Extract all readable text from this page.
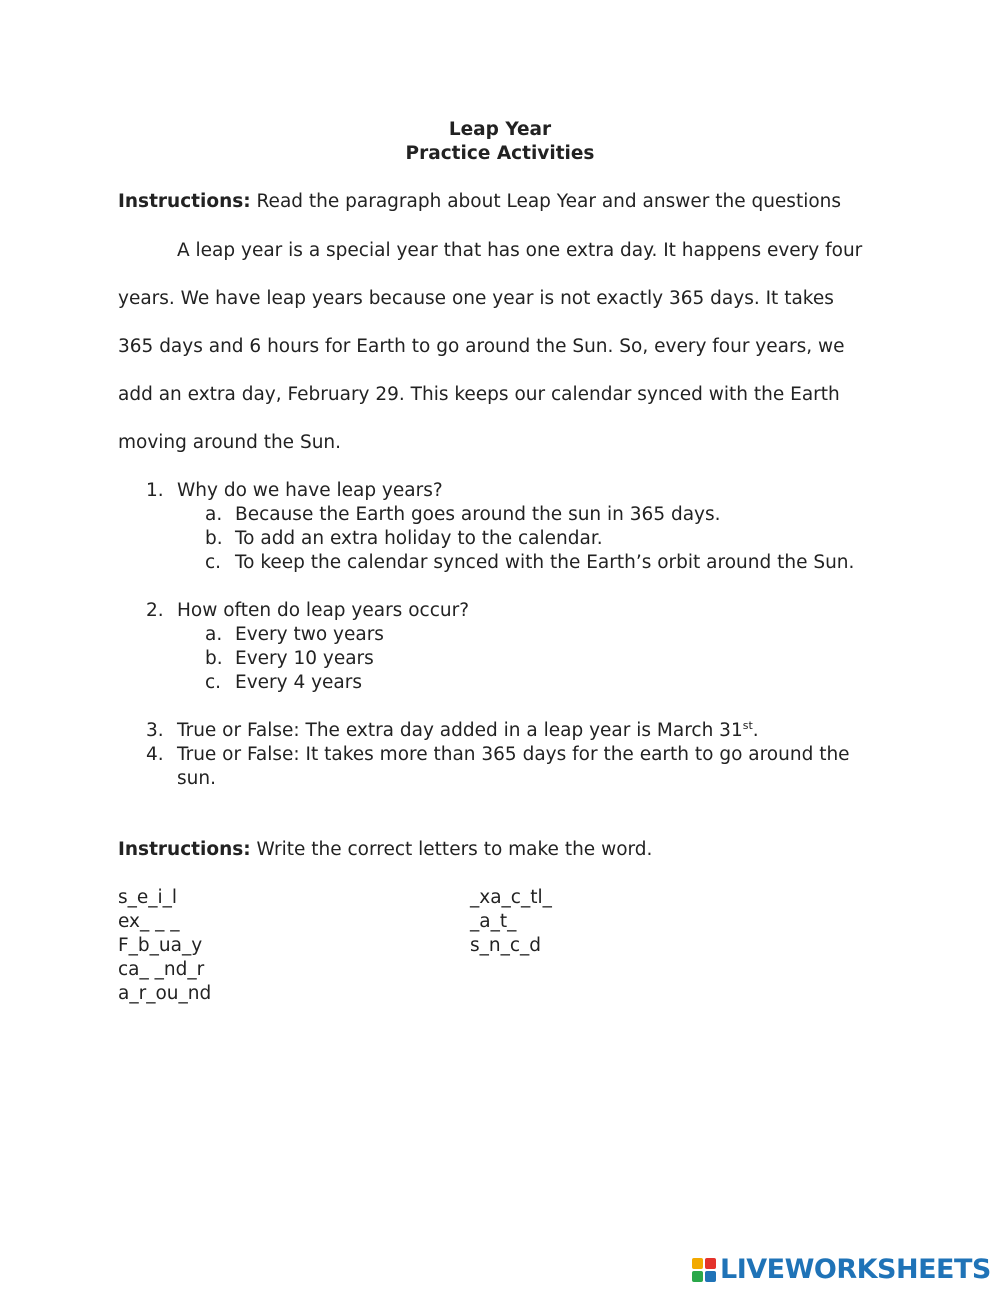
Leap Year
Practice Activities
Instructions: Read the paragraph about Leap Year and answer the questions
A leap year is a special year that has one extra day. It happens every four
years. We have leap years because one year is not exactly 365 days. It takes
365 days and 6 hours for Earth to go around the Sun. So, every four years, we
add an extra day, February 29. This keeps our calendar synced with the Earth
moving around the Sun.
1. Why do we have leap years?
a. Because the Earth goes around the sun in 365 days.
b. To add an extra holiday to the calendar.
c. To keep the calendar synced with the Earth’s orbit around the Sun.
2. How often do leap years occur?
a. Every two years
b. Every 10 years
c. Every 4 years
3. True or False: The extra day added in a leap year is March 31st.
4. True or False: It takes more than 365 days for the earth to go around the
sun.
Instructions: Write the correct letters to make the word.
s_e_i_l
ex_ _ _
F_b_ua_y
ca_ _nd_r
a_r_ou_nd
_xa_c_tl_
_a_t_
s_n_c_d
LIVEWORKSHEETS
